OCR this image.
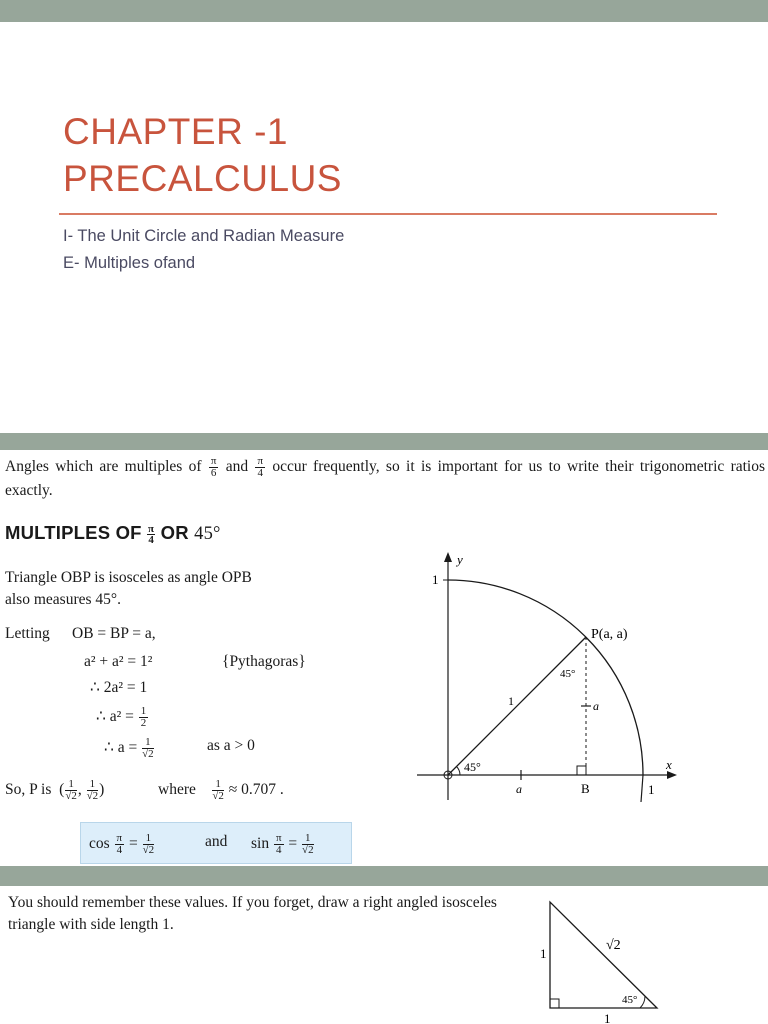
CHAPTER -1
PRECALCULUS
I- The Unit Circle and Radian Measure
E- Multiples ofand

Angles which are multiples of $\frac{\pi}{6}$ and $\frac{\pi}{4}$ occur frequently, so it is important for us to write their trigonometric ratios exactly.

MULTIPLES OF $\frac{\pi}{4}$ OR 45°
Triangle OBP is isosceles as angle OPB
also measures 45°.
Letting OB = BP = a,
a² + a² = 1²	{Pythagoras}
∴ 2a² = 1
∴ $a^2 = \frac{1}{2}$
∴ $a = \frac{1}{√2}$	as a > 0
So, P is  ( $\frac{1}{√2}$ , $\frac{1}{√2}$ )	where $\frac{1}{√2} \approx 0.707$ .
$\cos \frac{\pi}{4} = \frac{1}{√2}$	and $\sin \frac{\pi}{4} = \frac{1}{√2}$
y
x
1
1
P(a, a)
45°
45°
1	a
a	B

You should remember these values. If you forget, draw a right angled isosceles triangle with side length 1.

1
1
√2
45°
